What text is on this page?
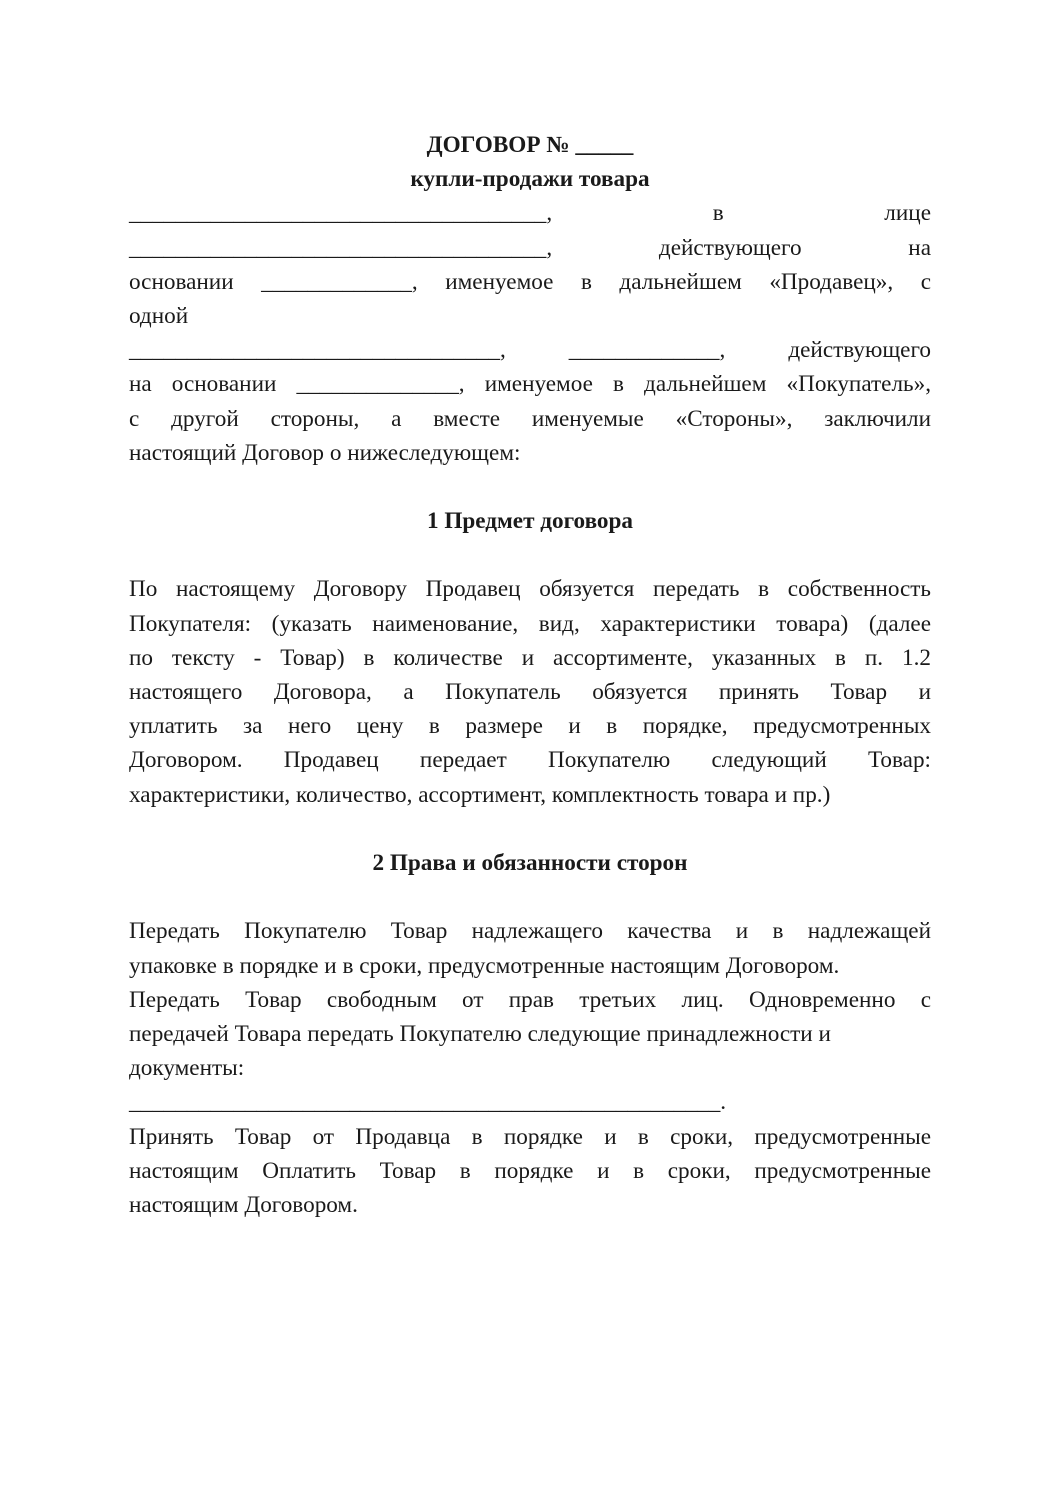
ДОГОВОР № _____
купли-продажи товара
____________________________________, в лице
____________________________________, действующего на
основании _____________, именуемое в дальнейшем «Продавец», с
одной
________________________________, _____________, действующего
на основании ______________, именуемое в дальнейшем «Покупатель»,
с другой стороны, а вместе именуемые «Стороны», заключили
настоящий Договор о нижеследующем:
1 Предмет договора
По настоящему Договору Продавец обязуется передать в собственность
Покупателя: (указать наименование, вид, характеристики товара) (далее
по тексту - Товар) в количестве и ассортименте, указанных в п. 1.2
настоящего Договора, а Покупатель обязуется принять Товар и
уплатить за него цену в размере и в порядке, предусмотренных
Договором. Продавец передает Покупателю следующий Товар:
характеристики, количество, ассортимент, комплектность товара и пр.)
2 Права и обязанности сторон
Передать Покупателю Товар надлежащего качества и в надлежащей
упаковке в порядке и в сроки, предусмотренные настоящим Договором.
Передать Товар свободным от прав третьих лиц. Одновременно с
передачей Товара передать Покупателю следующие принадлежности и
документы:
___________________________________________________.
Принять Товар от Продавца в порядке и в сроки, предусмотренные
настоящим Оплатить Товар в порядке и в сроки, предусмотренные
настоящим Договором.
